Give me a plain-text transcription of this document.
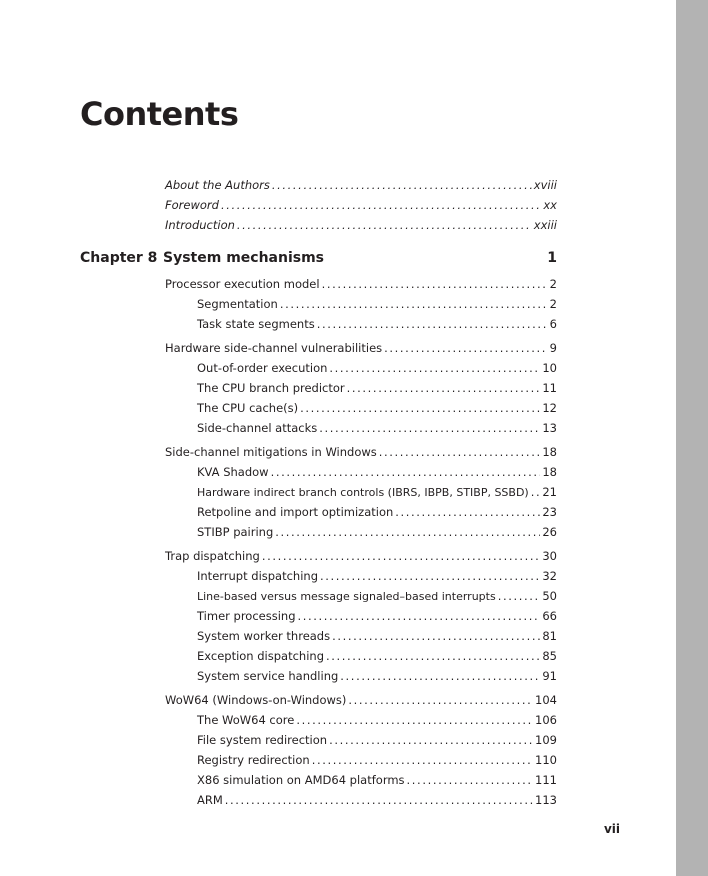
Contents
About the Authors .....	xviii
Foreword .....	xx
Introduction .....	xxiii
Chapter 8 System mechanisms	1
Processor execution model .....	2
Segmentation .....	2
Task state segments .....	6
Hardware side-channel vulnerabilities .....	9
Out-of-order execution .....	10
The CPU branch predictor .....	11
The CPU cache(s) .....	12
Side-channel attacks .....	13
Side-channel mitigations in Windows .....	18
KVA Shadow .....	18
Hardware indirect branch controls (IBRS, IBPB, STIBP, SSBD) ..... 21
Retpoline and import optimization .....	23
STIBP pairing .....	26
Trap dispatching .....	30
Interrupt dispatching .....	32
Line-based versus message signaled–based interrupts .....	50
Timer processing .....	66
System worker threads .....	81
Exception dispatching .....	85
System service handling .....	91
WoW64 (Windows-on-Windows) .....	104
The WoW64 core .....	106
File system redirection .....	109
Registry redirection .....	110
X86 simulation on AMD64 platforms .....	111
ARM .....	113
vii
